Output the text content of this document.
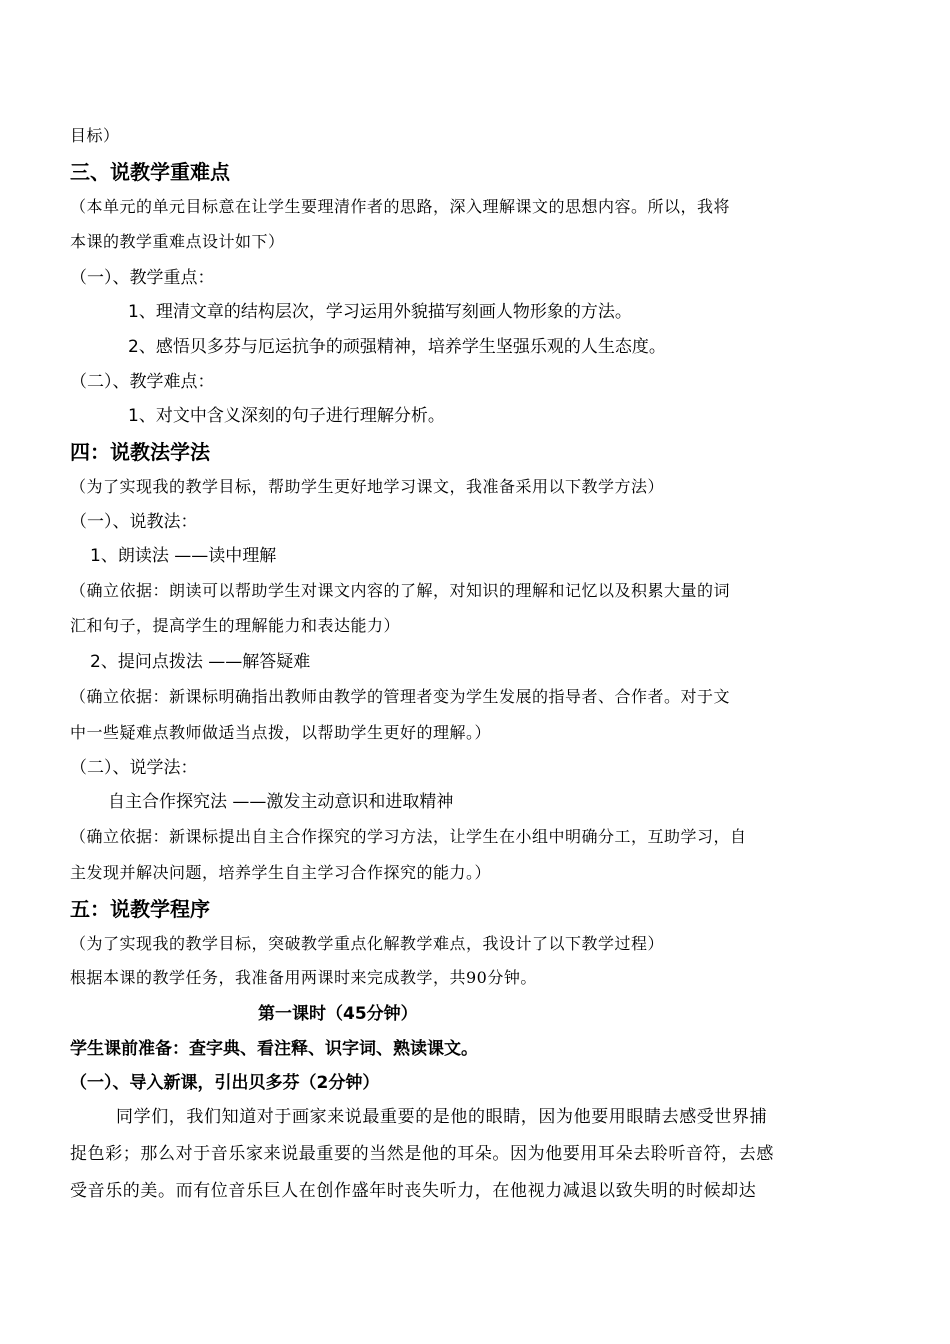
目标）
三、说教学重难点
（本单元的单元目标意在让学生要理清作者的思路，深入理解课文的思想内容。所以，我将
本课的教学重难点设计如下）
（一）、教学重点：
1、理清文章的结构层次，学习运用外貌描写刻画人物形象的方法。
2、感悟贝多芬与厄运抗争的顽强精神，培养学生坚强乐观的人生态度。
（二）、教学难点：
1、对文中含义深刻的句子进行理解分析。
四：说教法学法
（为了实现我的教学目标，帮助学生更好地学习课文，我准备采用以下教学方法）
（一）、说教法：
1、朗读法 ——读中理解
（确立依据：朗读可以帮助学生对课文内容的了解，对知识的理解和记忆以及积累大量的词
汇和句子，提高学生的理解能力和表达能力）
2、提问点拨法 ——解答疑难
（确立依据：新课标明确指出教师由教学的管理者变为学生发展的指导者、合作者。对于文
中一些疑难点教师做适当点拨，以帮助学生更好的理解。）
（二）、说学法：
自主合作探究法 ——激发主动意识和进取精神
（确立依据：新课标提出自主合作探究的学习方法，让学生在小组中明确分工，互助学习，自
主发现并解决问题，培养学生自主学习合作探究的能力。）
五：说教学程序
（为了实现我的教学目标，突破教学重点化解教学难点，我设计了以下教学过程）
根据本课的教学任务，我准备用两课时来完成教学，共90分钟。
第一课时（45分钟）
学生课前准备：查字典、看注释、识字词、熟读课文。
（一）、导入新课，引出贝多芬（2分钟）
同学们，我们知道对于画家来说最重要的是他的眼睛，因为他要用眼睛去感受世界捕
捉色彩；那么对于音乐家来说最重要的当然是他的耳朵。因为他要用耳朵去聆听音符，去感
受音乐的美。而有位音乐巨人在创作盛年时丧失听力，在他视力减退以致失明的时候却达
